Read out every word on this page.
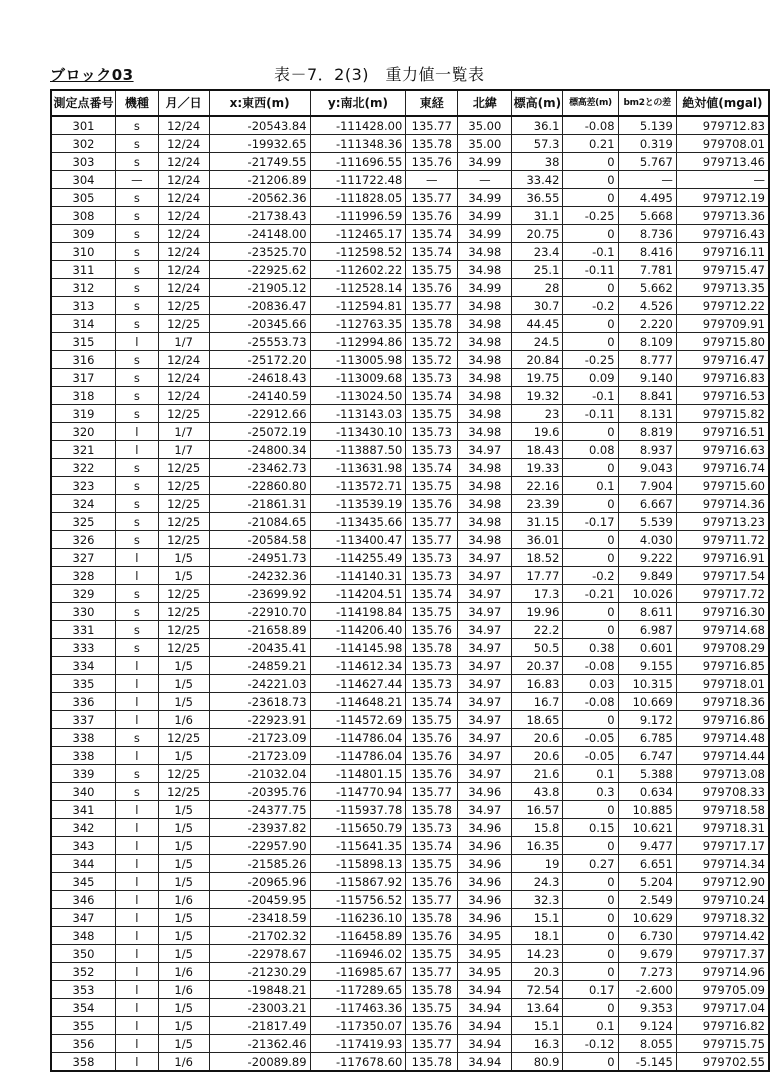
ブロック03	表－7．2(3)　重力値一覧表
測定点番号	機種	月／日	x:東西(m)	y:南北(m)	東経	北緯	標高(m)	標高差(m)	bm2との差	絶対値(mgal)
301	s	12/24	-20543.84	-111428.00	135.77	35.00	36.1	-0.08	5.139	979712.83
302	s	12/24	-19932.65	-111348.36	135.78	35.00	57.3	0.21	0.319	979708.01
303	s	12/24	-21749.55	-111696.55	135.76	34.99	38	0	5.767	979713.46
304	—	12/24	-21206.89	-111722.48	—	—	33.42	0	—	—
305	s	12/24	-20562.36	-111828.05	135.77	34.99	36.55	0	4.495	979712.19
308	s	12/24	-21738.43	-111996.59	135.76	34.99	31.1	-0.25	5.668	979713.36
309	s	12/24	-24148.00	-112465.17	135.74	34.99	20.75	0	8.736	979716.43
310	s	12/24	-23525.70	-112598.52	135.74	34.98	23.4	-0.1	8.416	979716.11
311	s	12/24	-22925.62	-112602.22	135.75	34.98	25.1	-0.11	7.781	979715.47
312	s	12/24	-21905.12	-112528.14	135.76	34.99	28	0	5.662	979713.35
313	s	12/25	-20836.47	-112594.81	135.77	34.98	30.7	-0.2	4.526	979712.22
314	s	12/25	-20345.66	-112763.35	135.78	34.98	44.45	0	2.220	979709.91
315	l	1/7	-25553.73	-112994.86	135.72	34.98	24.5	0	8.109	979715.80
316	s	12/24	-25172.20	-113005.98	135.72	34.98	20.84	-0.25	8.777	979716.47
317	s	12/24	-24618.43	-113009.68	135.73	34.98	19.75	0.09	9.140	979716.83
318	s	12/24	-24140.59	-113024.50	135.74	34.98	19.32	-0.1	8.841	979716.53
319	s	12/25	-22912.66	-113143.03	135.75	34.98	23	-0.11	8.131	979715.82
320	l	1/7	-25072.19	-113430.10	135.73	34.98	19.6	0	8.819	979716.51
321	l	1/7	-24800.34	-113887.50	135.73	34.97	18.43	0.08	8.937	979716.63
322	s	12/25	-23462.73	-113631.98	135.74	34.98	19.33	0	9.043	979716.74
323	s	12/25	-22860.80	-113572.71	135.75	34.98	22.16	0.1	7.904	979715.60
324	s	12/25	-21861.31	-113539.19	135.76	34.98	23.39	0	6.667	979714.36
325	s	12/25	-21084.65	-113435.66	135.77	34.98	31.15	-0.17	5.539	979713.23
326	s	12/25	-20584.58	-113400.47	135.77	34.98	36.01	0	4.030	979711.72
327	l	1/5	-24951.73	-114255.49	135.73	34.97	18.52	0	9.222	979716.91
328	l	1/5	-24232.36	-114140.31	135.73	34.97	17.77	-0.2	9.849	979717.54
329	s	12/25	-23699.92	-114204.51	135.74	34.97	17.3	-0.21	10.026	979717.72
330	s	12/25	-22910.70	-114198.84	135.75	34.97	19.96	0	8.611	979716.30
331	s	12/25	-21658.89	-114206.40	135.76	34.97	22.2	0	6.987	979714.68
333	s	12/25	-20435.41	-114145.98	135.78	34.97	50.5	0.38	0.601	979708.29
334	l	1/5	-24859.21	-114612.34	135.73	34.97	20.37	-0.08	9.155	979716.85
335	l	1/5	-24221.03	-114627.44	135.73	34.97	16.83	0.03	10.315	979718.01
336	l	1/5	-23618.73	-114648.21	135.74	34.97	16.7	-0.08	10.669	979718.36
337	l	1/6	-22923.91	-114572.69	135.75	34.97	18.65	0	9.172	979716.86
338	s	12/25	-21723.09	-114786.04	135.76	34.97	20.6	-0.05	6.785	979714.48
338	l	1/5	-21723.09	-114786.04	135.76	34.97	20.6	-0.05	6.747	979714.44
339	s	12/25	-21032.04	-114801.15	135.76	34.97	21.6	0.1	5.388	979713.08
340	s	12/25	-20395.76	-114770.94	135.77	34.96	43.8	0.3	0.634	979708.33
341	l	1/5	-24377.75	-115937.78	135.78	34.97	16.57	0	10.885	979718.58
342	l	1/5	-23937.82	-115650.79	135.73	34.96	15.8	0.15	10.621	979718.31
343	l	1/5	-22957.90	-115641.35	135.74	34.96	16.35	0	9.477	979717.17
344	l	1/5	-21585.26	-115898.13	135.75	34.96	19	0.27	6.651	979714.34
345	l	1/5	-20965.96	-115867.92	135.76	34.96	24.3	0	5.204	979712.90
346	l	1/6	-20459.95	-115756.52	135.77	34.96	32.3	0	2.549	979710.24
347	l	1/5	-23418.59	-116236.10	135.78	34.96	15.1	0	10.629	979718.32
348	l	1/5	-21702.32	-116458.89	135.76	34.95	18.1	0	6.730	979714.42
350	l	1/5	-22978.67	-116946.02	135.75	34.95	14.23	0	9.679	979717.37
352	l	1/6	-21230.29	-116985.67	135.77	34.95	20.3	0	7.273	979714.96
353	l	1/6	-19848.21	-117289.65	135.78	34.94	72.54	0.17	-2.600	979705.09
354	l	1/5	-23003.21	-117463.36	135.75	34.94	13.64	0	9.353	979717.04
355	l	1/5	-21817.49	-117350.07	135.76	34.94	15.1	0.1	9.124	979716.82
356	l	1/5	-21362.46	-117419.93	135.77	34.94	16.3	-0.12	8.055	979715.75
358	l	1/6	-20089.89	-117678.60	135.78	34.94	80.9	0	-5.145	979702.55
